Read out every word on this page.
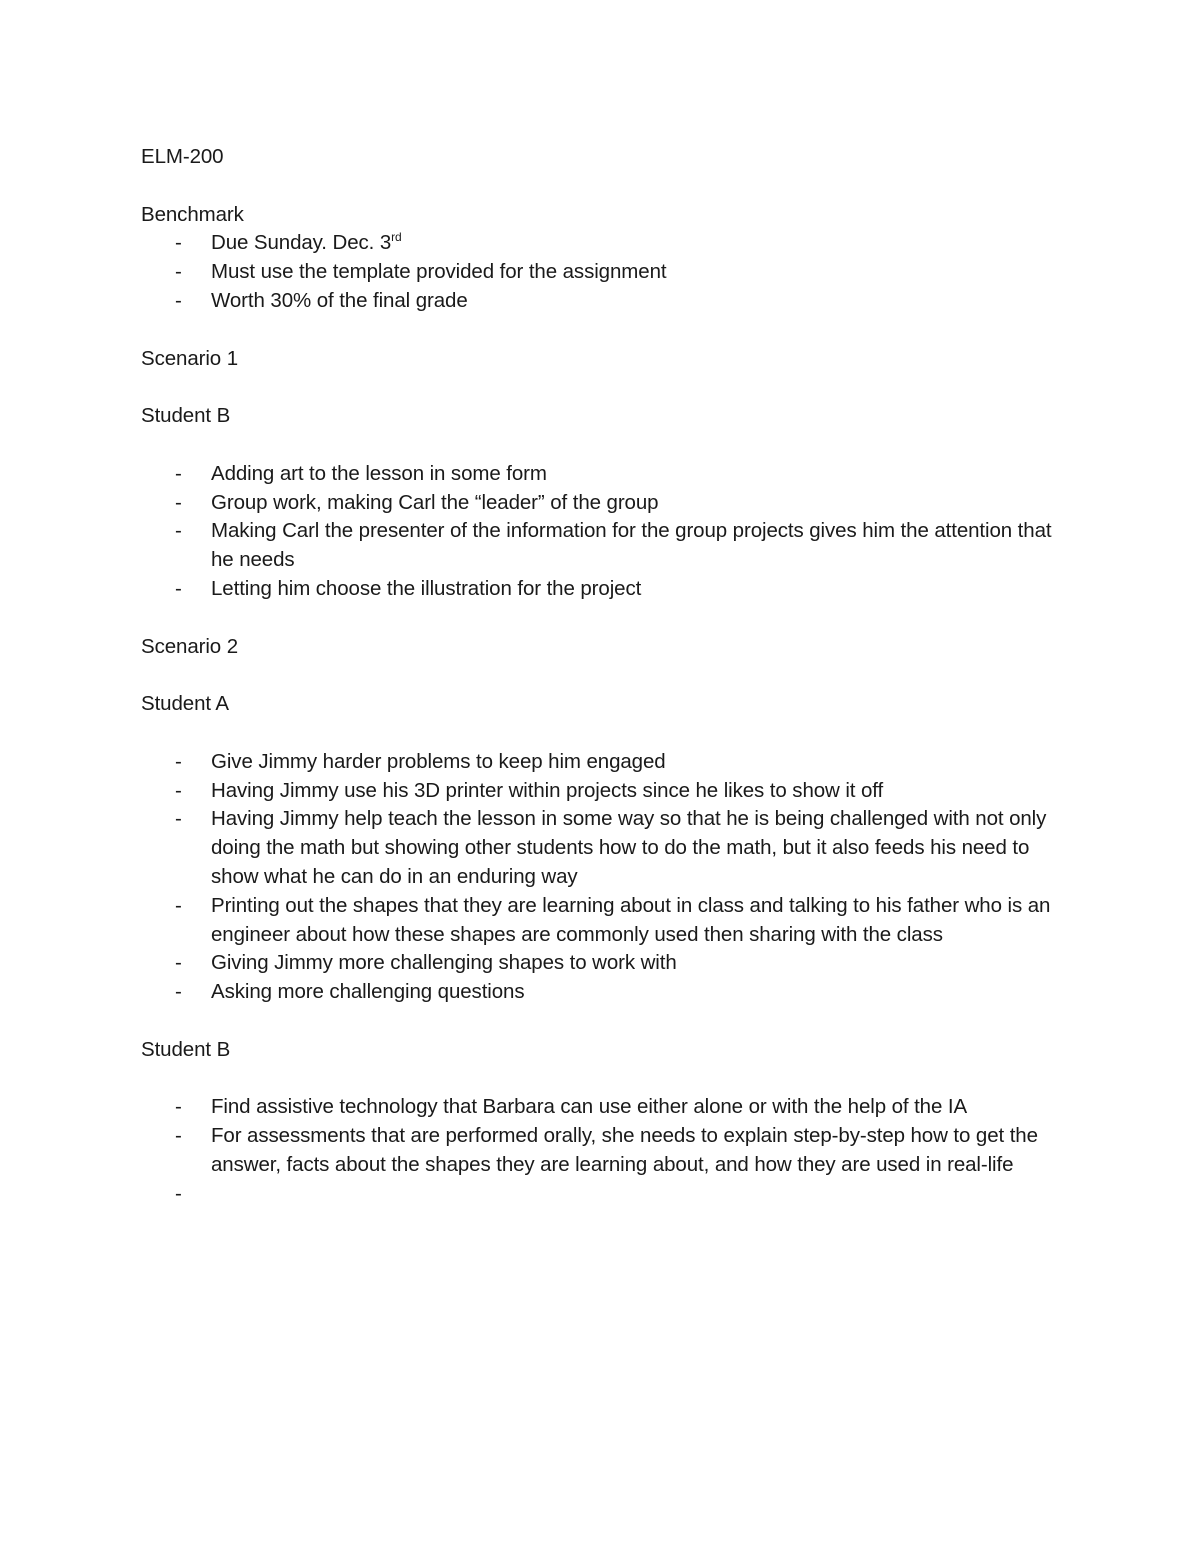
ELM-200

Benchmark

- Due Sunday. Dec. 3rd
- Must use the template provided for the assignment
- Worth 30% of the final grade

Scenario 1

Student B

- Adding art to the lesson in some form
- Group work, making Carl the “leader” of the group
- Making Carl the presenter of the information for the group projects gives him the attention that he needs
- Letting him choose the illustration for the project

Scenario 2

Student A

- Give Jimmy harder problems to keep him engaged
- Having Jimmy use his 3D printer within projects since he likes to show it off
- Having Jimmy help teach the lesson in some way so that he is being challenged with not only doing the math but showing other students how to do the math, but it also feeds his need to show what he can do in an enduring way
- Printing out the shapes that they are learning about in class and talking to his father who is an engineer about how these shapes are commonly used then sharing with the class
- Giving Jimmy more challenging shapes to work with
- Asking more challenging questions

Student B

- Find assistive technology that Barbara can use either alone or with the help of the IA
- For assessments that are performed orally, she needs to explain step-by-step how to get the answer, facts about the shapes they are learning about, and how they are used in real-life
-
